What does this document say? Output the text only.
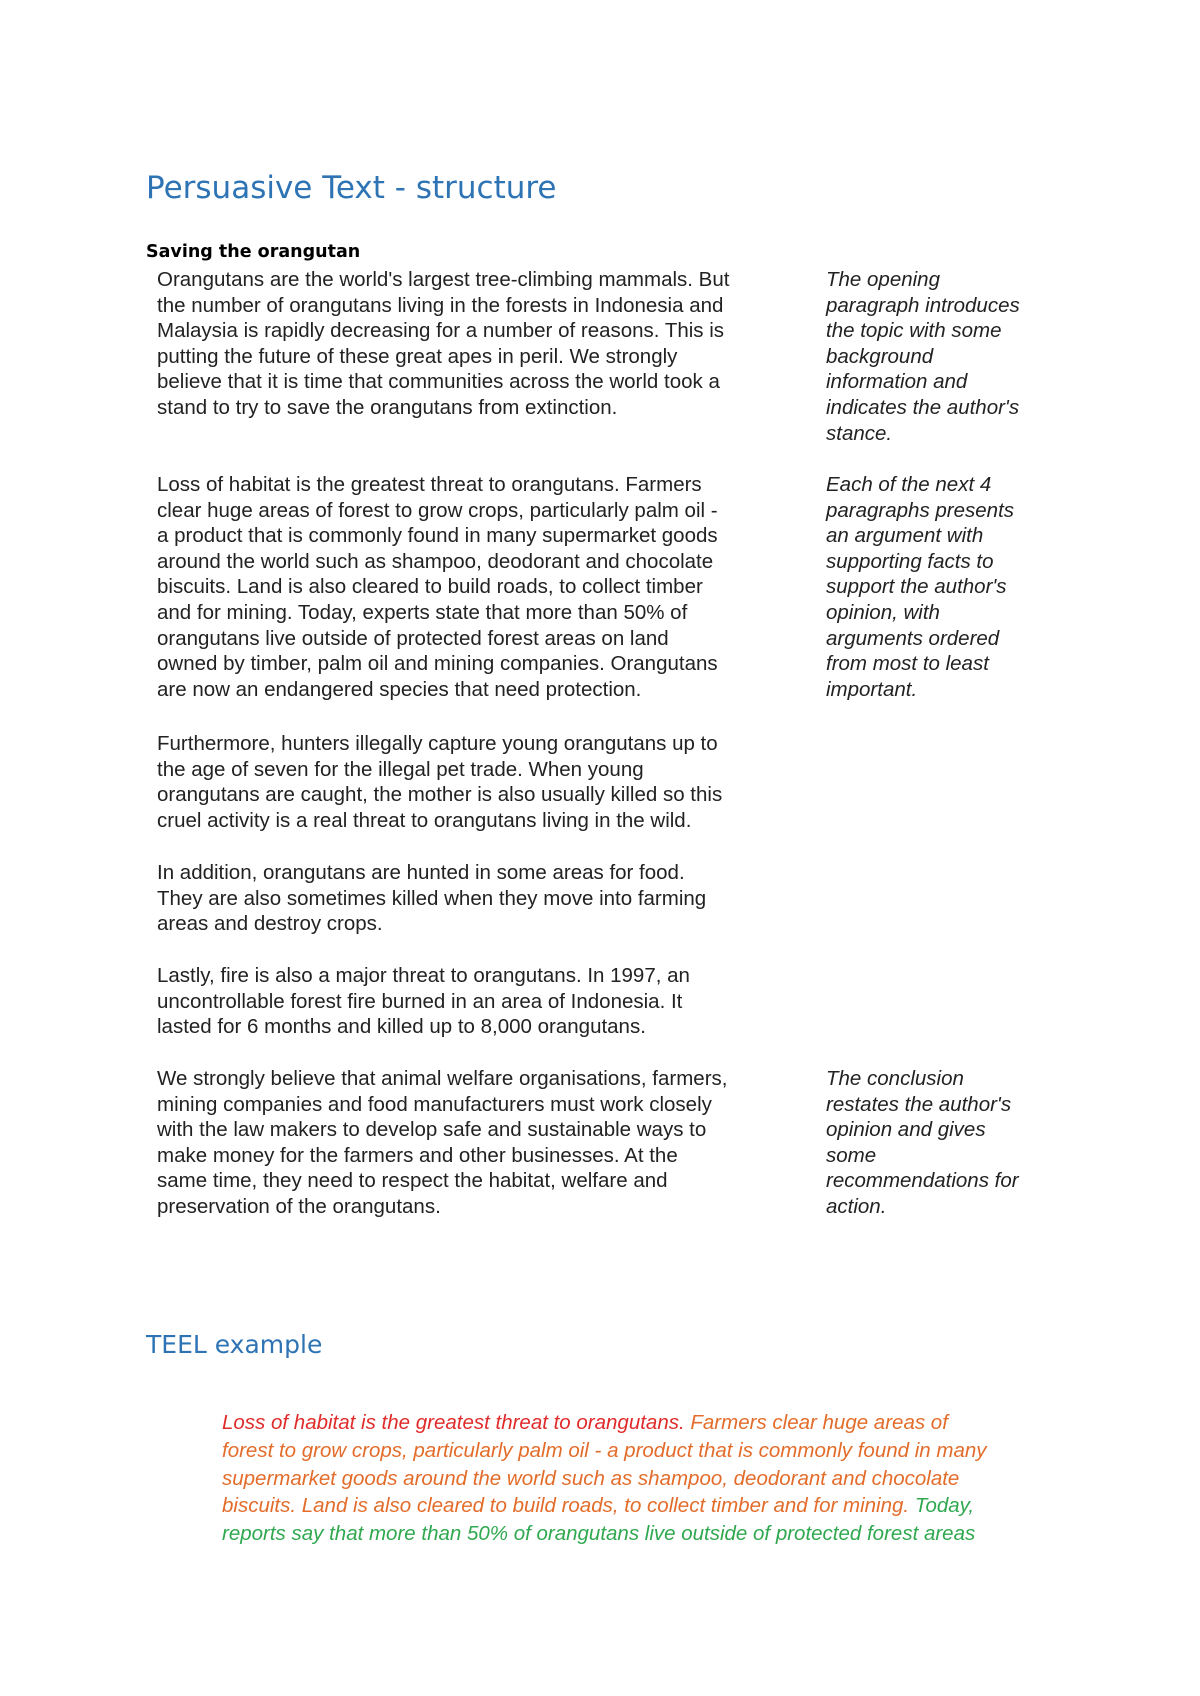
Persuasive Text - structure
Saving the orangutan

Orangutans are the world's largest tree-climbing mammals. But
the number of orangutans living in the forests in Indonesia and
Malaysia is rapidly decreasing for a number of reasons. This is
putting the future of these great apes in peril. We strongly
believe that it is time that communities across the world took a
stand to try to save the orangutans from extinction.

The opening
paragraph introduces
the topic with some
background
information and
indicates the author's
stance.

Loss of habitat is the greatest threat to orangutans. Farmers
clear huge areas of forest to grow crops, particularly palm oil -
a product that is commonly found in many supermarket goods
around the world such as shampoo, deodorant and chocolate
biscuits. Land is also cleared to build roads, to collect timber
and for mining. Today, experts state that more than 50% of
orangutans live outside of protected forest areas on land
owned by timber, palm oil and mining companies. Orangutans
are now an endangered species that need protection.

Each of the next 4
paragraphs presents
an argument with
supporting facts to
support the author's
opinion, with
arguments ordered
from most to least
important.

Furthermore, hunters illegally capture young orangutans up to
the age of seven for the illegal pet trade. When young
orangutans are caught, the mother is also usually killed so this
cruel activity is a real threat to orangutans living in the wild.

In addition, orangutans are hunted in some areas for food.
They are also sometimes killed when they move into farming
areas and destroy crops.

Lastly, fire is also a major threat to orangutans. In 1997, an
uncontrollable forest fire burned in an area of Indonesia. It
lasted for 6 months and killed up to 8,000 orangutans.

We strongly believe that animal welfare organisations, farmers,
mining companies and food manufacturers must work closely
with the law makers to develop safe and sustainable ways to
make money for the farmers and other businesses. At the
same time, they need to respect the habitat, welfare and
preservation of the orangutans.

The conclusion
restates the author's
opinion and gives
some
recommendations for
action.

TEEL example
Loss of habitat is the greatest threat to orangutans. Farmers clear huge areas of
forest to grow crops, particularly palm oil - a product that is commonly found in many
supermarket goods around the world such as shampoo, deodorant and chocolate
biscuits. Land is also cleared to build roads, to collect timber and for mining. Today,
reports say that more than 50% of orangutans live outside of protected forest areas
